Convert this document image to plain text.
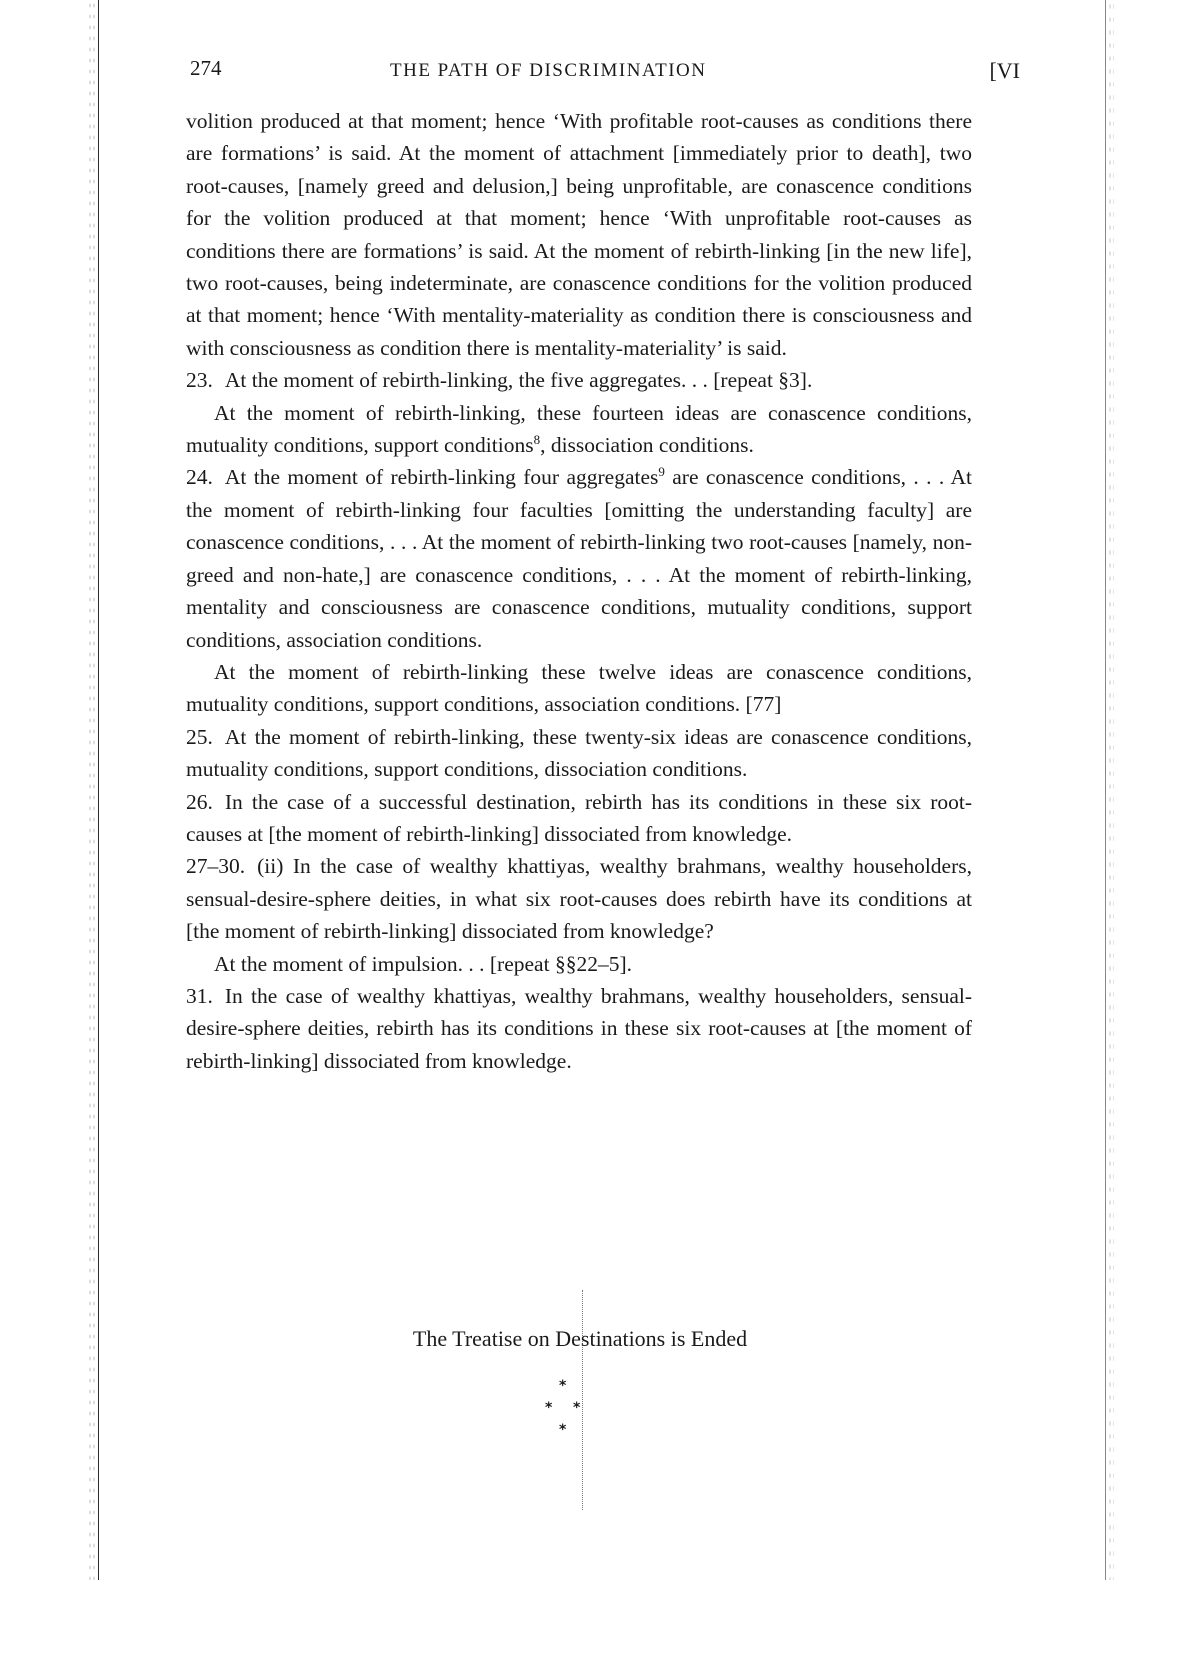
274	THE PATH OF DISCRIMINATION	[VI

volition produced at that moment; hence ‘With profitable root-causes as conditions there are formations’ is said. At the moment of attachment [immediately prior to death], two root-causes, [namely greed and delusion,] being unprofitable, are conascence conditions for the volition produced at that moment; hence ‘With unprofitable root-causes as conditions there are formations’ is said. At the moment of rebirth-linking [in the new life], two root-causes, being indeterminate, are conascence conditions for the volition produced at that moment; hence ‘With mentality-materiality as condition there is consciousness and with consciousness as condition there is mentality-materiality’ is said.

23. At the moment of rebirth-linking, the five aggregates. . . [repeat §3].

At the moment of rebirth-linking, these fourteen ideas are conascence conditions, mutuality conditions, support conditions$^8$, dissociation conditions.

24. At the moment of rebirth-linking four aggregates$^9$ are conascence conditions, . . . At the moment of rebirth-linking four faculties [omitting the understanding faculty] are conascence conditions, . . . At the moment of rebirth-linking two root-causes [namely, non-greed and non-hate,] are conascence conditions, . . . At the moment of rebirth-linking, mentality and consciousness are conascence conditions, mutuality conditions, support conditions, association conditions.

At the moment of rebirth-linking these twelve ideas are conascence conditions, mutuality conditions, support conditions, association conditions. [77]

25. At the moment of rebirth-linking, these twenty-six ideas are conascence conditions, mutuality conditions, support conditions, dissociation conditions.

26. In the case of a successful destination, rebirth has its conditions in these six root-causes at [the moment of rebirth-linking] dissociated from knowledge.

27–30. (ii) In the case of wealthy khattiyas, wealthy brahmans, wealthy householders, sensual-desire-sphere deities, in what six root-causes does rebirth have its conditions at [the moment of rebirth-linking] dissociated from knowledge?

At the moment of impulsion. . . [repeat §§22–5].

31. In the case of wealthy khattiyas, wealthy brahmans, wealthy householders, sensual-desire-sphere deities, rebirth has its conditions in these six root-causes at [the moment of rebirth-linking] dissociated from knowledge.

The Treatise on Destinations is Ended
*
* *
*
